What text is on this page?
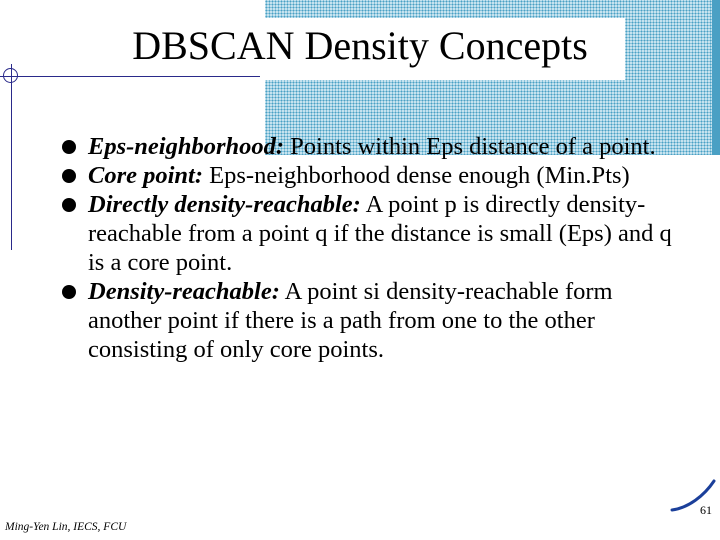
DBSCAN Density Concepts
Eps-neighborhood: Points within Eps distance of a point.
Core point: Eps-neighborhood dense enough (Min.Pts)
Directly density-reachable: A point p is directly density-reachable from a point q if the distance is small (Eps) and q is a core point.
Density-reachable: A point si density-reachable form another point if there is a path from one to the other consisting of only core points.
61
Ming-Yen Lin, IECS, FCU
